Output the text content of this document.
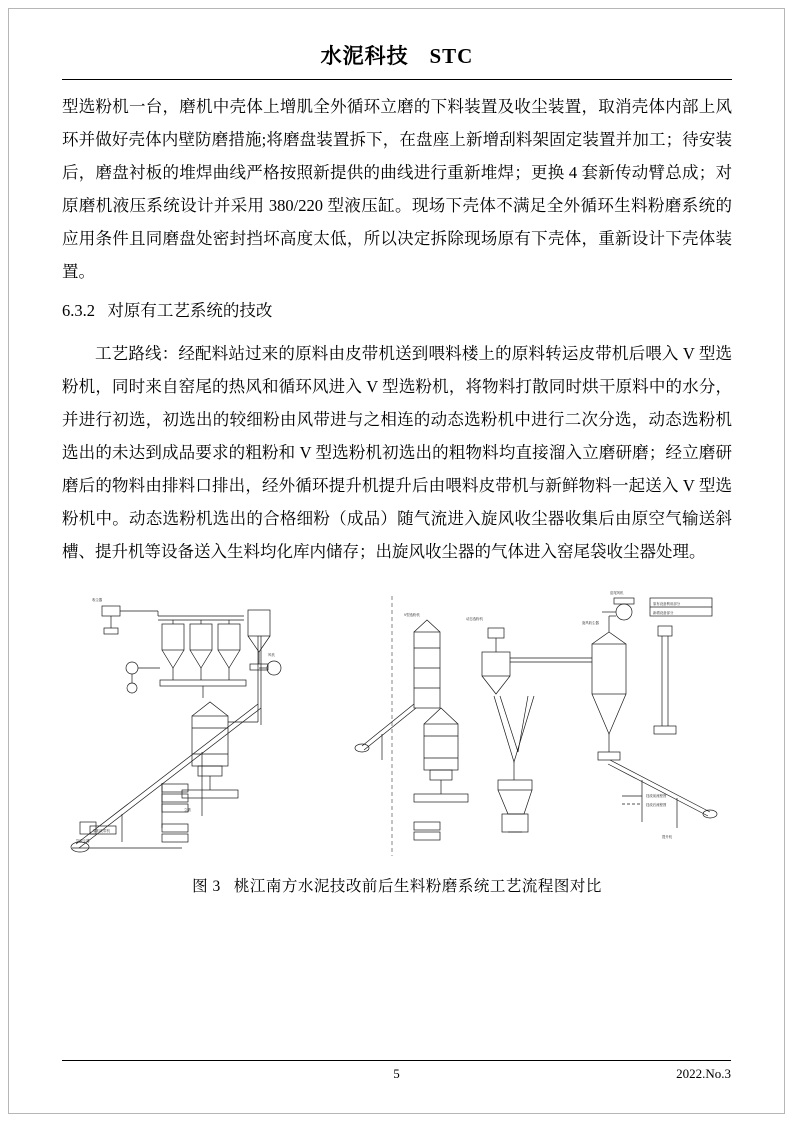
水泥科技 STC

型选粉机一台，磨机中壳体上增肌全外循环立磨的下料装置及收尘装置，取消壳体内部上风环并做好壳体内壁防磨措施;将磨盘装置拆下，在盘座上新增刮料架固定装置并加工；待安装后，磨盘衬板的堆焊曲线严格按照新提供的曲线进行重新堆焊；更换 4 套新传动臂总成；对原磨机液压系统设计并采用 380/220 型液压缸。现场下壳体不满足全外循环生料粉磨系统的应用条件且同磨盘处密封挡坏高度太低，所以决定拆除现场原有下壳体，重新设计下壳体装置。

6.3.2 对原有工艺系统的技改

工艺路线：经配料站过来的原料由皮带机送到喂料楼上的原料转运皮带机后喂入 V 型选粉机，同时来自窑尾的热风和循环风进入 V 型选粉机，将物料打散同时烘干原料中的水分，并进行初选，初选出的较细粉由风带进与之相连的动态选粉机中进行二次分选，动态选粉机选出的未达到成品要求的粗粉和 V 型选粉机初选出的粗物料均直接溜入立磨研磨；经立磨研磨后的物料由排料口排出，经外循环提升机提升后由喂料皮带机与新鲜物料一起送入 V 型选粉机中。动态选粉机选出的合格细粉（成品）随气流进入旋风收尘器收集后由原空气输送斜槽、提升机等设备送入生料均化库内储存；出旋风收尘器的气体进入窑尾袋收尘器处理。

原料皮带机
收尘器
立磨
袋收尘器
风机
V型选粉机
动态选粉机
旋风收尘器
窑尾风机
提升机
原有设备利用部分
新增设备部分
技改前流程图
技改后流程图
图 3 桃江南方水泥技改前后生料粉磨系统工艺流程图对比
5	2022.No.3
